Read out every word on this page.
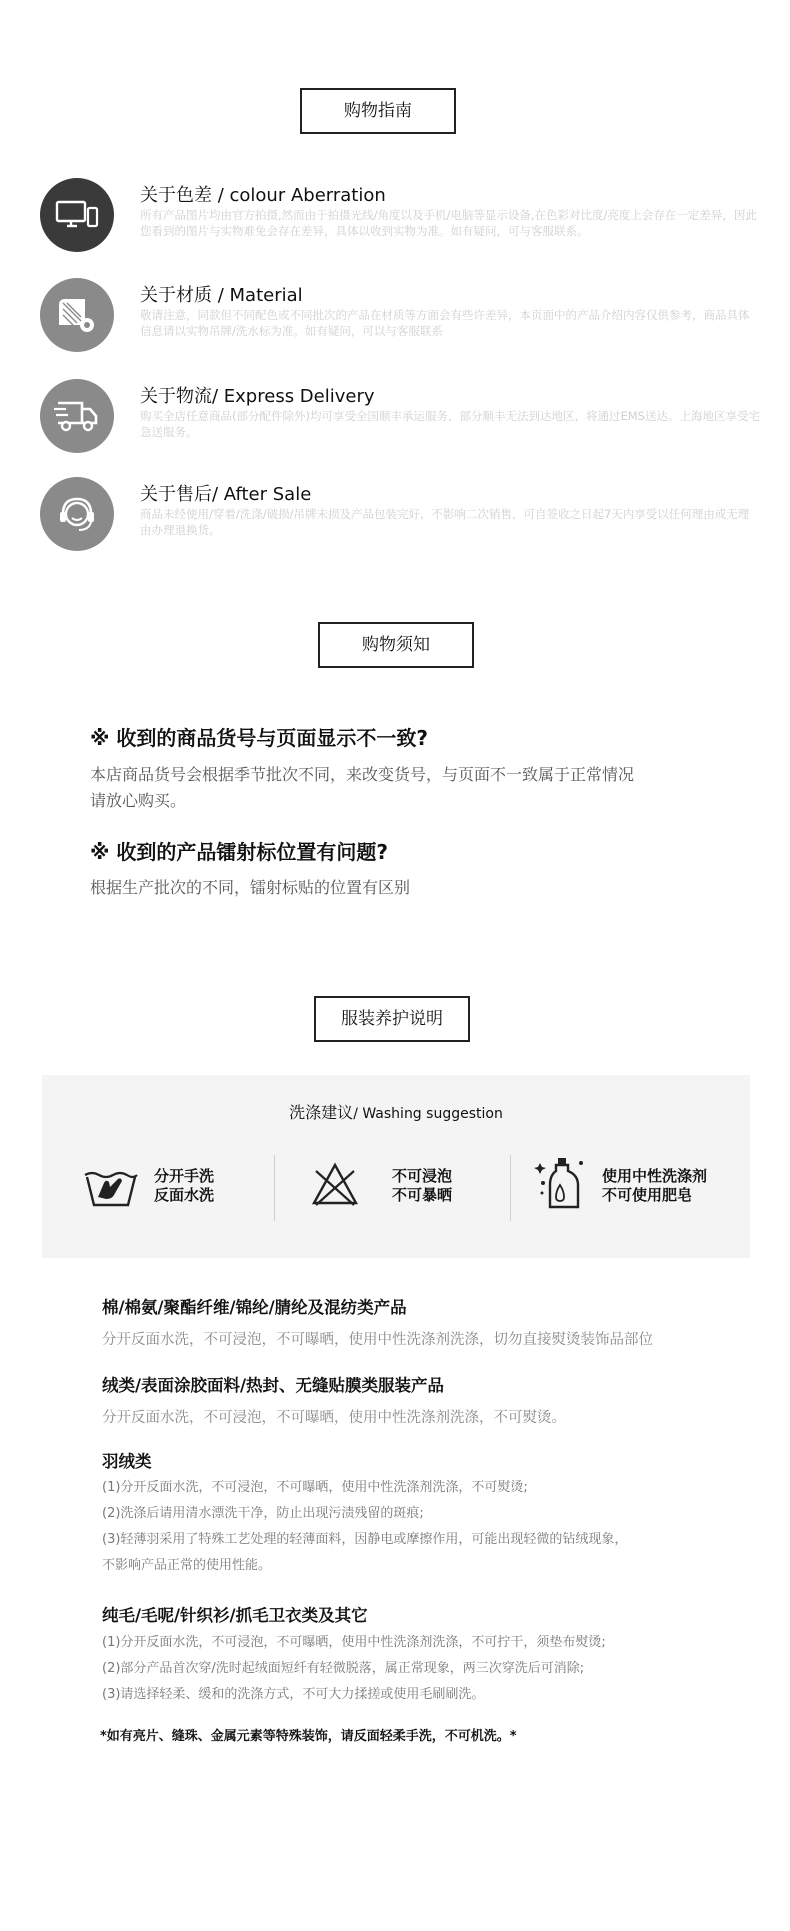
购物指南
关于色差 / colour Aberration
所有产品图片均由官方拍摄,然而由于拍摄光线/角度以及手机/电脑等显示设备,在色彩对比度/亮度上会存在一定差异，因此您看到的图片与实物难免会存在差异，具体以收到实物为准。如有疑问，可与客服联系。
关于材质 / Material
敬请注意，同款但不同配色或不同批次的产品在材质等方面会有些许差异，本页面中的产品介绍内容仅供参考，商品具体信息请以实物吊牌/洗水标为准。如有疑问，可以与客服联系
关于物流/ Express Delivery
购买全店任意商品(部分配件除外)均可享受全国顺丰承运服务，部分顺丰无法到达地区，将通过EMS送达。上海地区享受宅急送服务。
关于售后/ After Sale
商品未经使用/穿着/洗涤/破损/吊牌未损及产品包装完好，不影响二次销售，可自签收之日起7天内享受以任何理由或无理由办理退换货。
购物须知
※ 收到的商品货号与页面显示不一致?
本店商品货号会根据季节批次不同，来改变货号，与页面不一致属于正常情况
请放心购买。
※ 收到的产品镭射标位置有问题?
根据生产批次的不同，镭射标贴的位置有区别
服装养护说明
洗涤建议/ Washing suggestion
分开手洗
反面水洗
不可浸泡
不可暴晒
使用中性洗涤剂
不可使用肥皂
棉/棉氨/聚酯纤维/锦纶/腈纶及混纺类产品
分开反面水洗，不可浸泡，不可曝晒，使用中性洗涤剂洗涤，切勿直接熨烫装饰品部位
绒类/表面涂胶面料/热封、无缝贴膜类服装产品
分开反面水洗，不可浸泡，不可曝晒，使用中性洗涤剂洗涤，不可熨烫。
羽绒类
(1)分开反面水洗，不可浸泡，不可曝晒，使用中性洗涤剂洗涤，不可熨烫;
(2)洗涤后请用清水漂洗干净，防止出现污渍残留的斑痕;
(3)轻薄羽采用了特殊工艺处理的轻薄面料，因静电或摩擦作用，可能出现轻微的钻绒现象，
不影响产品正常的使用性能。
纯毛/毛呢/针织衫/抓毛卫衣类及其它
(1)分开反面水洗，不可浸泡，不可曝晒，使用中性洗涤剂洗涤，不可拧干，须垫布熨烫;
(2)部分产品首次穿/洗时起绒面短纤有轻微脱落，属正常现象，两三次穿洗后可消除;
(3)请选择轻柔、缓和的洗涤方式，不可大力揉搓或使用毛刷刷洗。
*如有亮片、缝珠、金属元素等特殊装饰，请反面轻柔手洗，不可机洗。*
